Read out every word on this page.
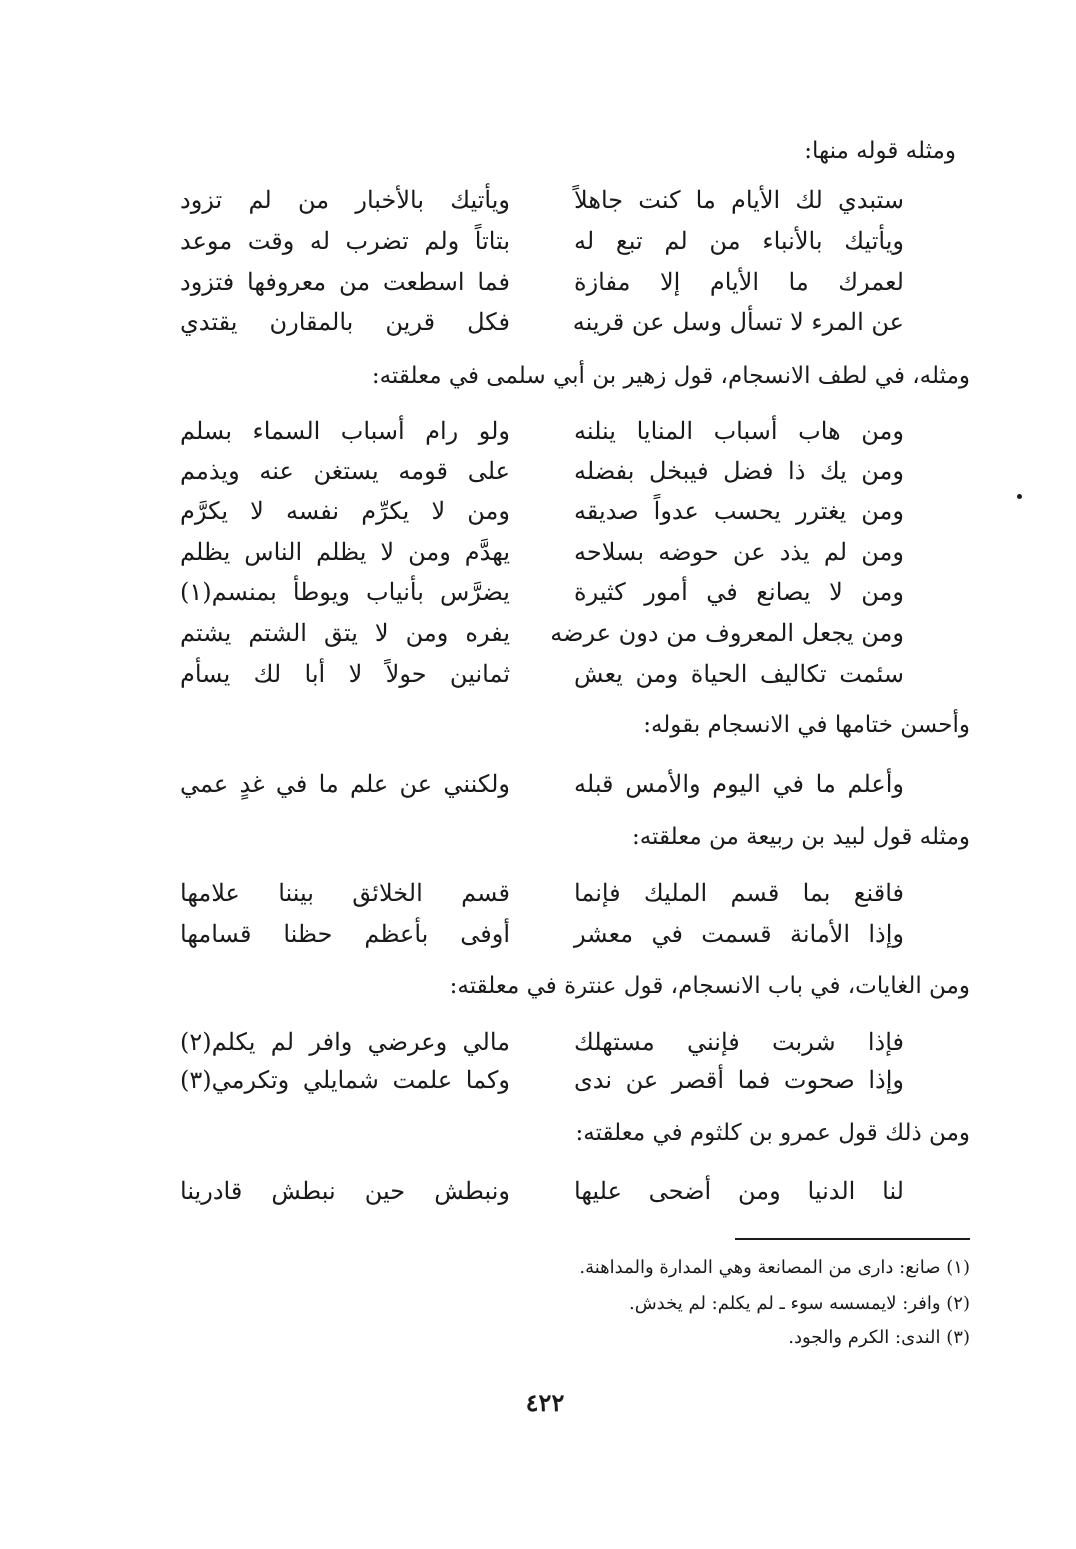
ومثله قوله منها:
ستبدي لك الأيام ما كنت جاهلاً
ويأتيك بالأخبار من لم تزود
ويأتيك بالأنباء من لم تبع له
بتاتاً ولم تضرب له وقت موعد
لعمرك ما الأيام إلا مفازة
فما اسطعت من معروفها فتزود
عن المرء لا تسأل وسل عن قرينه
فكل قرين بالمقارن يقتدي
ومثله، في لطف الانسجام، قول زهير بن أبي سلمى في معلقته:
ومن هاب أسباب المنايا ينلنه
ولو رام أسباب السماء بسلم
ومن يك ذا فضل فيبخل بفضله
على قومه يستغن عنه ويذمم
ومن يغترر يحسب عدواً صديقه
ومن لا يكرِّم نفسه لا يكرَّم
ومن لم يذد عن حوضه بسلاحه
يهدَّم ومن لا يظلم الناس يظلم
ومن لا يصانع في أمور كثيرة
يضرَّس بأنياب ويوطأ بمنسم(١)
ومن يجعل المعروف من دون عرضه
يفره ومن لا يتق الشتم يشتم
سئمت تكاليف الحياة ومن يعش
ثمانين حولاً لا أبا لك يسأم
وأحسن ختامها في الانسجام بقوله:
وأعلم ما في اليوم والأمس قبله
ولكنني عن علم ما في غدٍ عمي
ومثله قول لبيد بن ربيعة من معلقته:
فاقنع بما قسم المليك فإنما
قسم الخلائق بيننا علامها
وإذا الأمانة قسمت في معشر
أوفى بأعظم حظنا قسامها
ومن الغايات، في باب الانسجام، قول عنترة في معلقته:
فإذا شربت فإنني مستهلك
مالي وعرضي وافر لم يكلم(٢)
وإذا صحوت فما أقصر عن ندى
وكما علمت شمايلي وتكرمي(٣)
ومن ذلك قول عمرو بن كلثوم في معلقته:
لنا الدنيا ومن أضحى عليها
ونبطش حين نبطش قادرينا
(١) صانع: داری من المصانعة وهي المدارة والمداهنة.
(٢) وافر: لايمسسه سوء ـ لم يكلم: لم يخدش.
(٣) الندى: الكرم والجود.
٤٢٢
